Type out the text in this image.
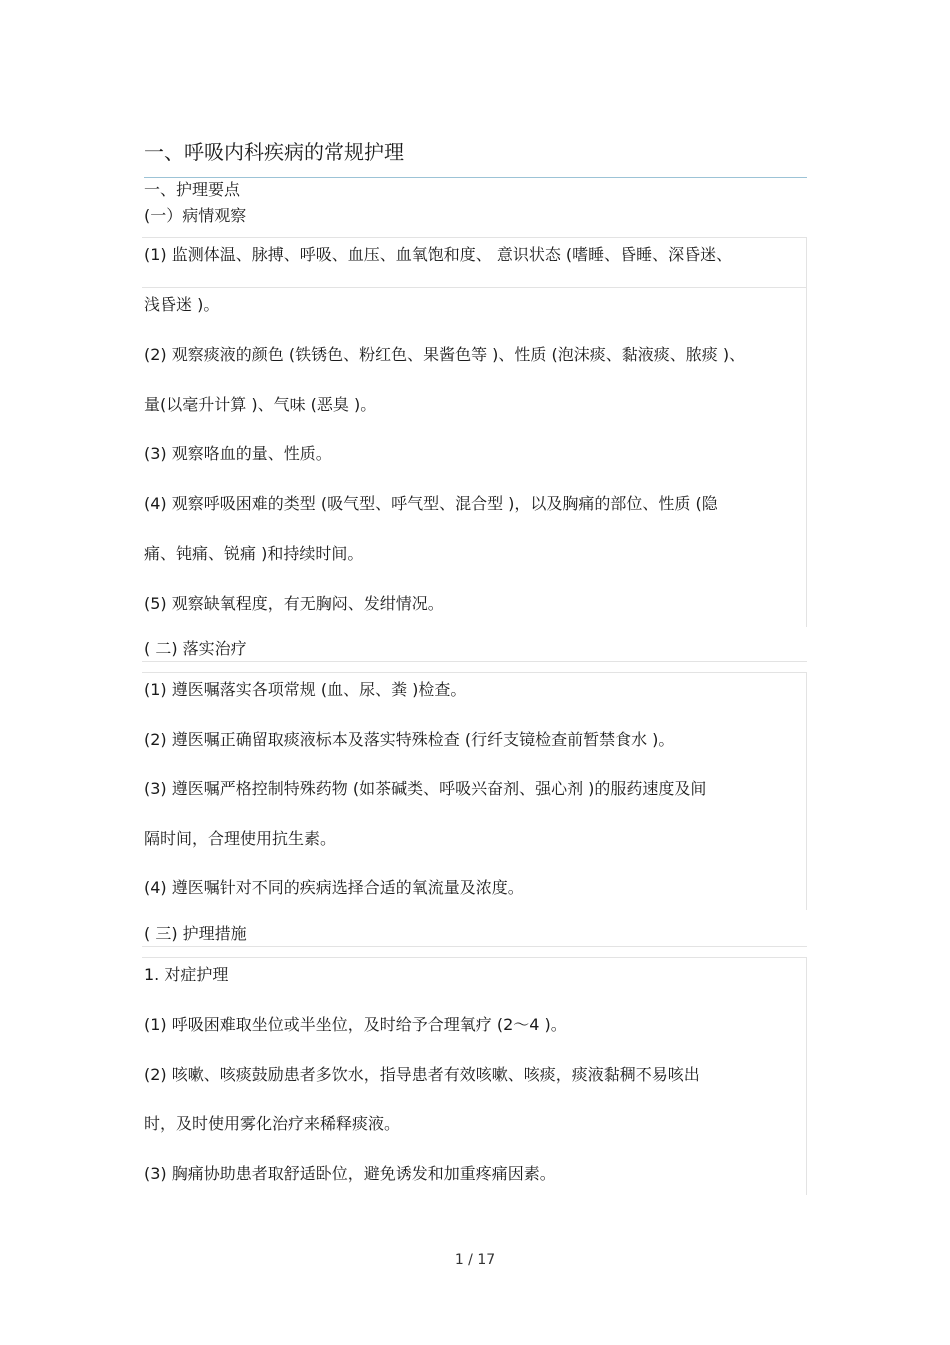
一、呼吸内科疾病的常规护理
一、护理要点
(一）病情观察
(1) 监测体温、脉搏、呼吸、血压、血氧饱和度、 意识状态 (嗜睡、昏睡、深昏迷、
浅昏迷 )。
(2) 观察痰液的颜色 (铁锈色、粉红色、果酱色等 )、性质 (泡沫痰、黏液痰、脓痰 )、
量(以毫升计算 )、气味 (恶臭 )。
(3) 观察咯血的量、性质。
(4) 观察呼吸困难的类型 (吸气型、呼气型、混合型 )，以及胸痛的部位、性质 (隐
痛、钝痛、锐痛 )和持续时间。
(5) 观察缺氧程度，有无胸闷、发绀情况。
( 二) 落实治疗
(1) 遵医嘱落实各项常规 (血、尿、粪 )检查。
(2) 遵医嘱正确留取痰液标本及落实特殊检查 (行纤支镜检查前暂禁食水 )。
(3) 遵医嘱严格控制特殊药物 (如茶碱类、呼吸兴奋剂、强心剂 )的服药速度及间
隔时间，合理使用抗生素。
(4) 遵医嘱针对不同的疾病选择合适的氧流量及浓度。
( 三) 护理措施
1. 对症护理
(1) 呼吸困难取坐位或半坐位，及时给予合理氧疗 (2～4 )。
(2) 咳嗽、咳痰鼓励患者多饮水，指导患者有效咳嗽、咳痰，痰液黏稠不易咳出
时，及时使用雾化治疗来稀释痰液。
(3) 胸痛协助患者取舒适卧位，避免诱发和加重疼痛因素。
1 / 17
